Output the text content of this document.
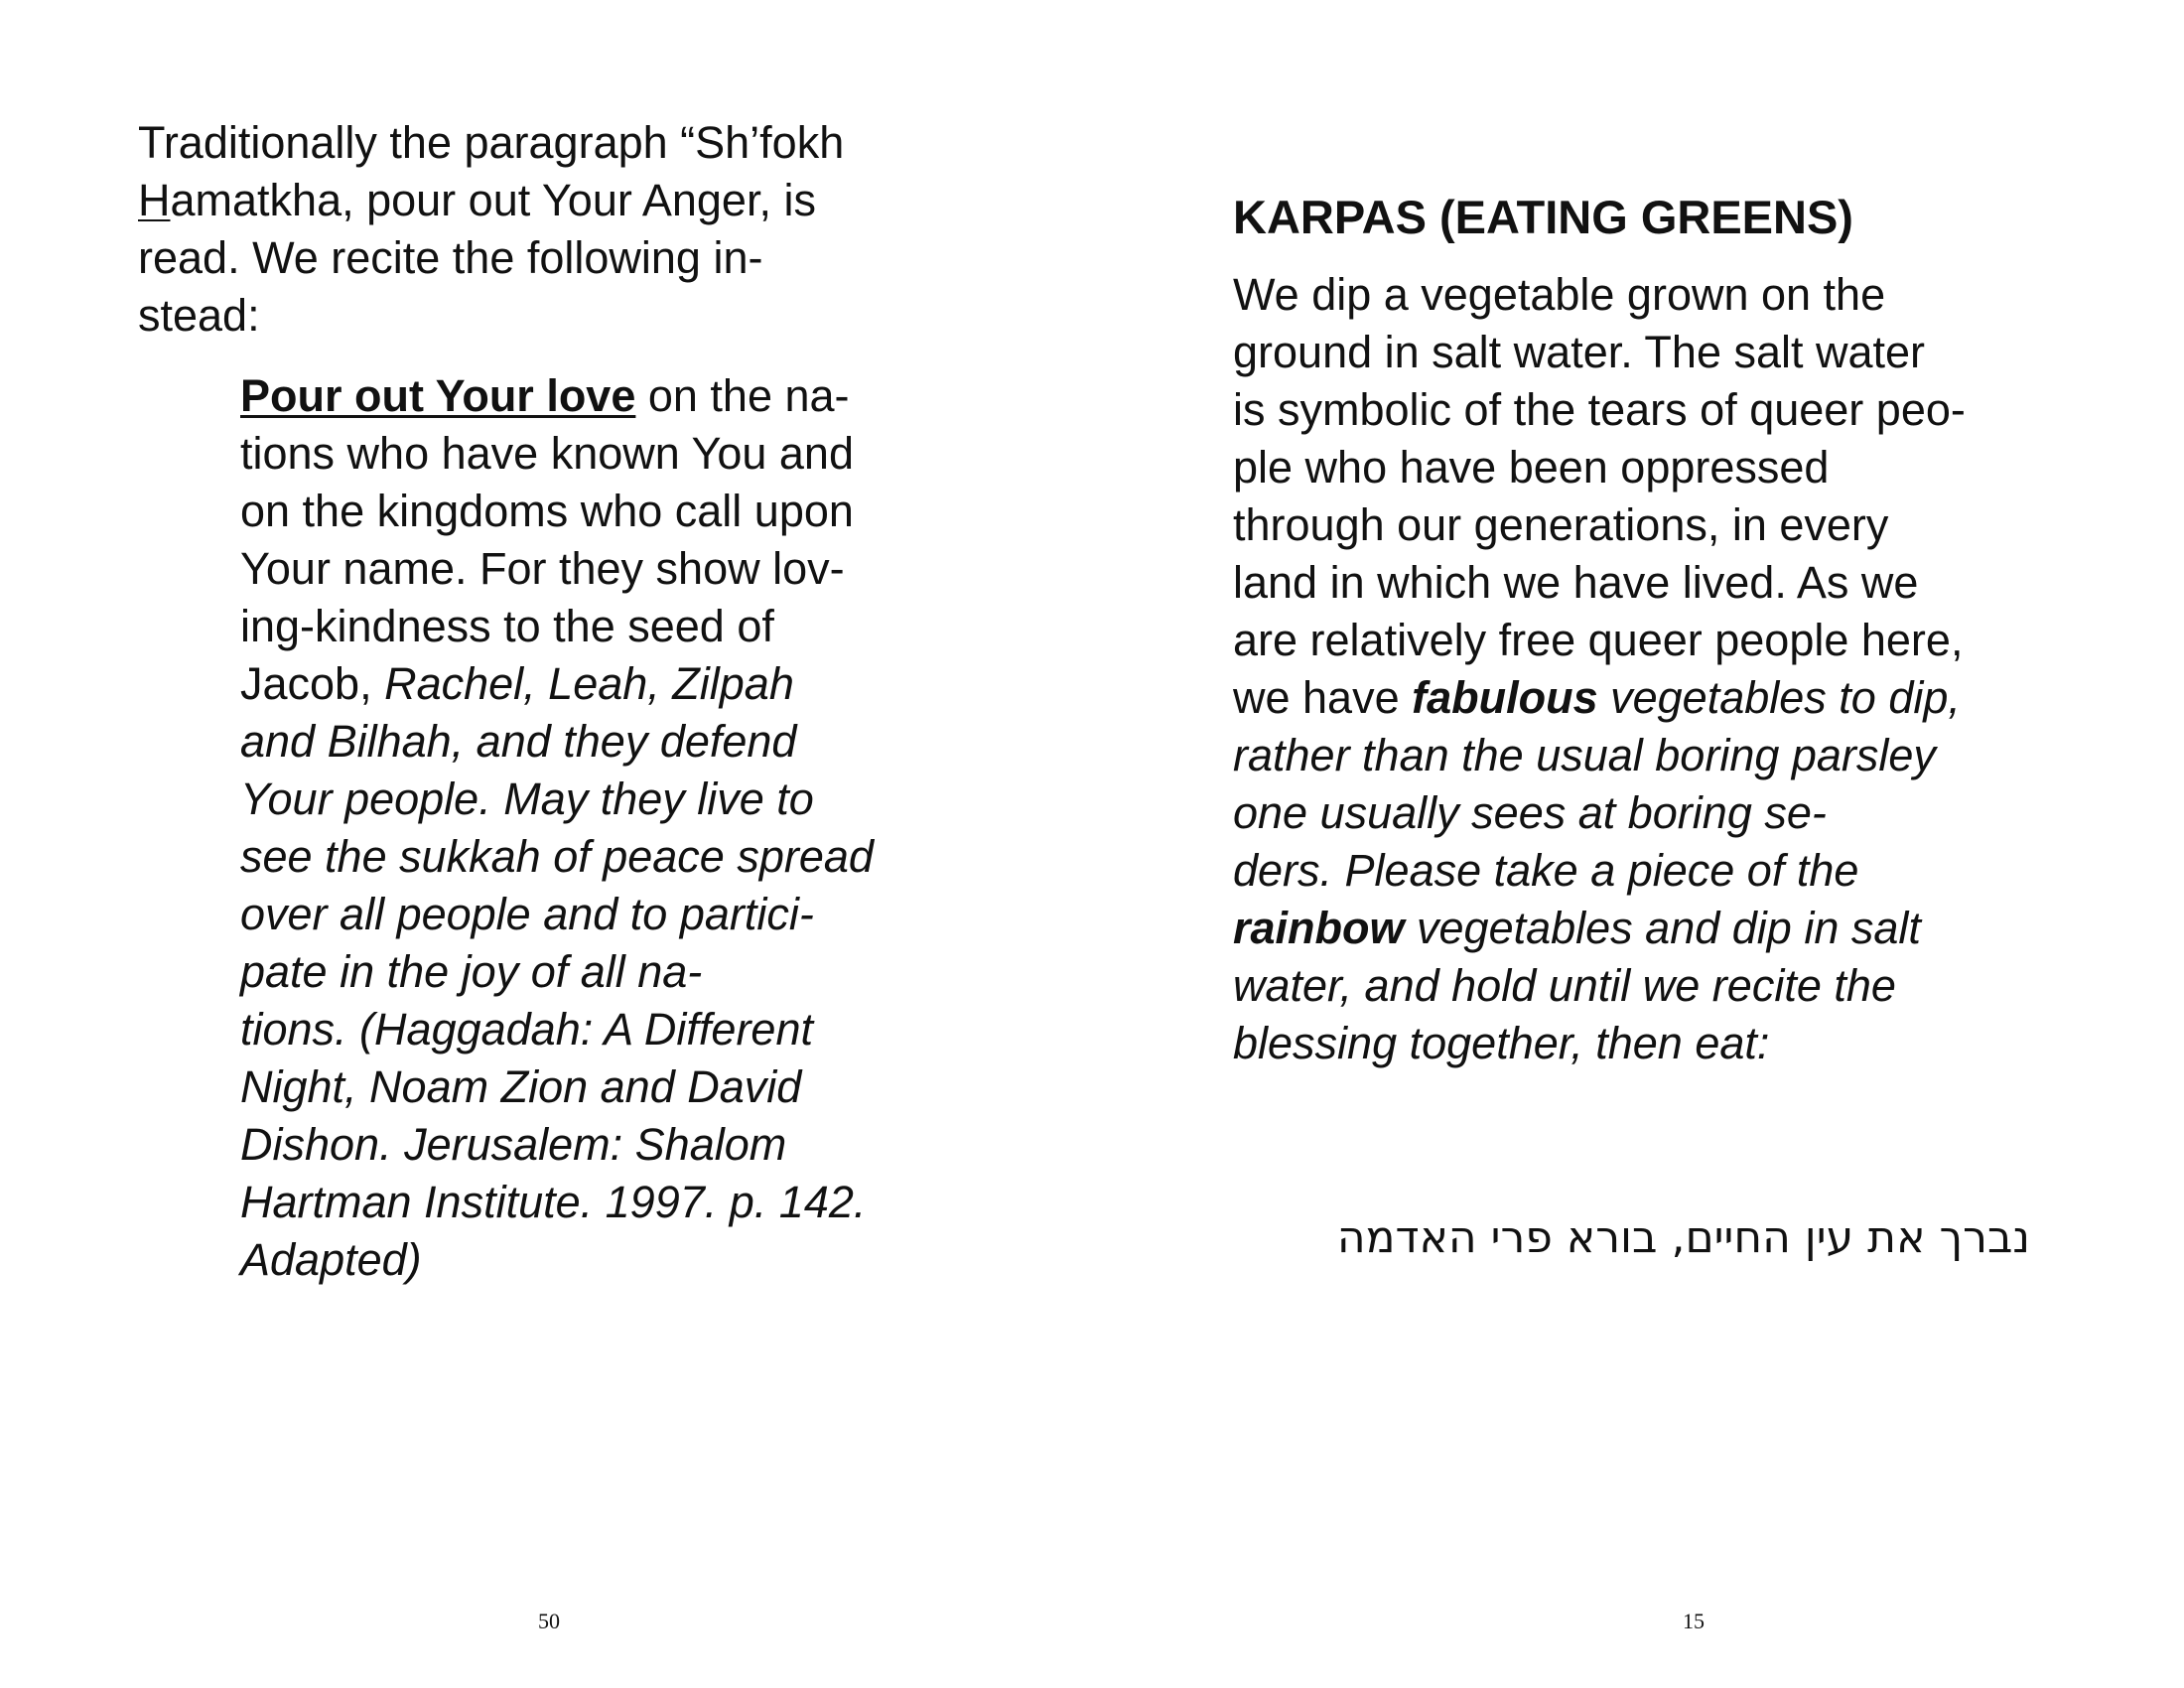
Traditionally the paragraph “Sh’fokh
Hamatkha, pour out Your Anger, is
read. We recite the following in-
stead:

Pour out Your love on the na-
tions who have known You and
on the kingdoms who call upon
Your name. For they show lov-
ing-kindness to the seed of
Jacob, Rachel, Leah, Zilpah
and Bilhah, and they defend
Your people. May they live to
see the sukkah of peace spread
over all people and to partici-
pate in the joy of all na-
tions. (Haggadah: A Different
Night, Noam Zion and David
Dishon. Jerusalem: Shalom
Hartman Institute. 1997. p. 142.
Adapted)

50
KARPAS (EATING GREENS)

We dip a vegetable grown on the
ground in salt water. The salt water
is symbolic of the tears of queer peo-
ple who have been oppressed
through our generations, in every
land in which we have lived. As we
are relatively free queer people here,
we have fabulous vegetables to dip,
rather than the usual boring parsley
one usually sees at boring se-
ders. Please take a piece of the
rainbow vegetables and dip in salt
water, and hold until we recite the
blessing together, then eat:

נברך את עין החיים, בורא פרי האדמה

15
